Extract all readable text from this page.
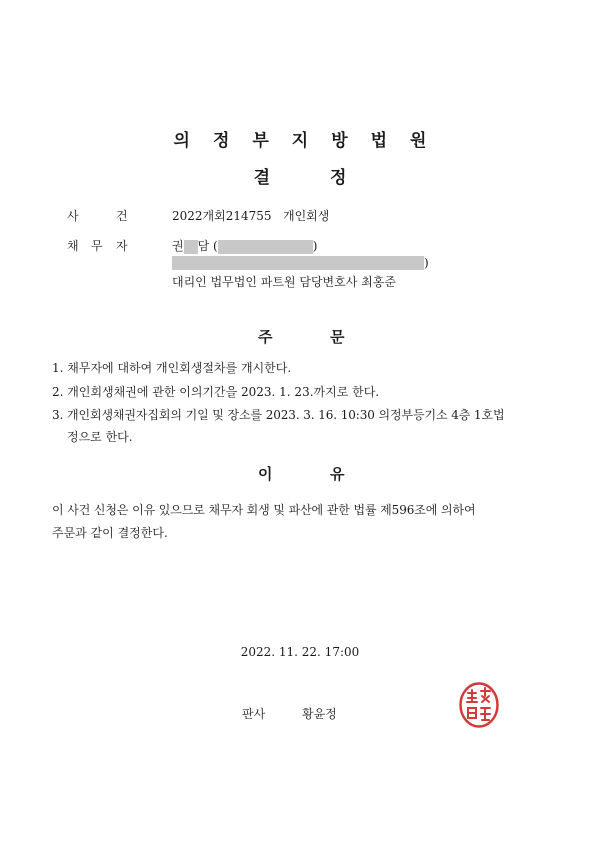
의정부지방법원
결정
사	건	2022개회214755 개인회생
채 무 자	권 담 (	)
)
대리인 법무법인 파트원 담당변호사 최홍준
주	문
1. 채무자에 대하여 개인회생절차를 개시한다.
2. 개인회생채권에 관한 이의기간을 2023. 1. 23.까지로 한다.
3. 개인회생채권자집회의 기일 및 장소를 2023. 3. 16. 10:30 의정부등기소 4층 1호법
정으로 한다.
이	유
이 사건 신청은 이유 있으므로 채무자 회생 및 파산에 관한 법률 제596조에 의하여
주문과 같이 결정한다.
2022. 11. 22. 17:00
판사	황윤정
